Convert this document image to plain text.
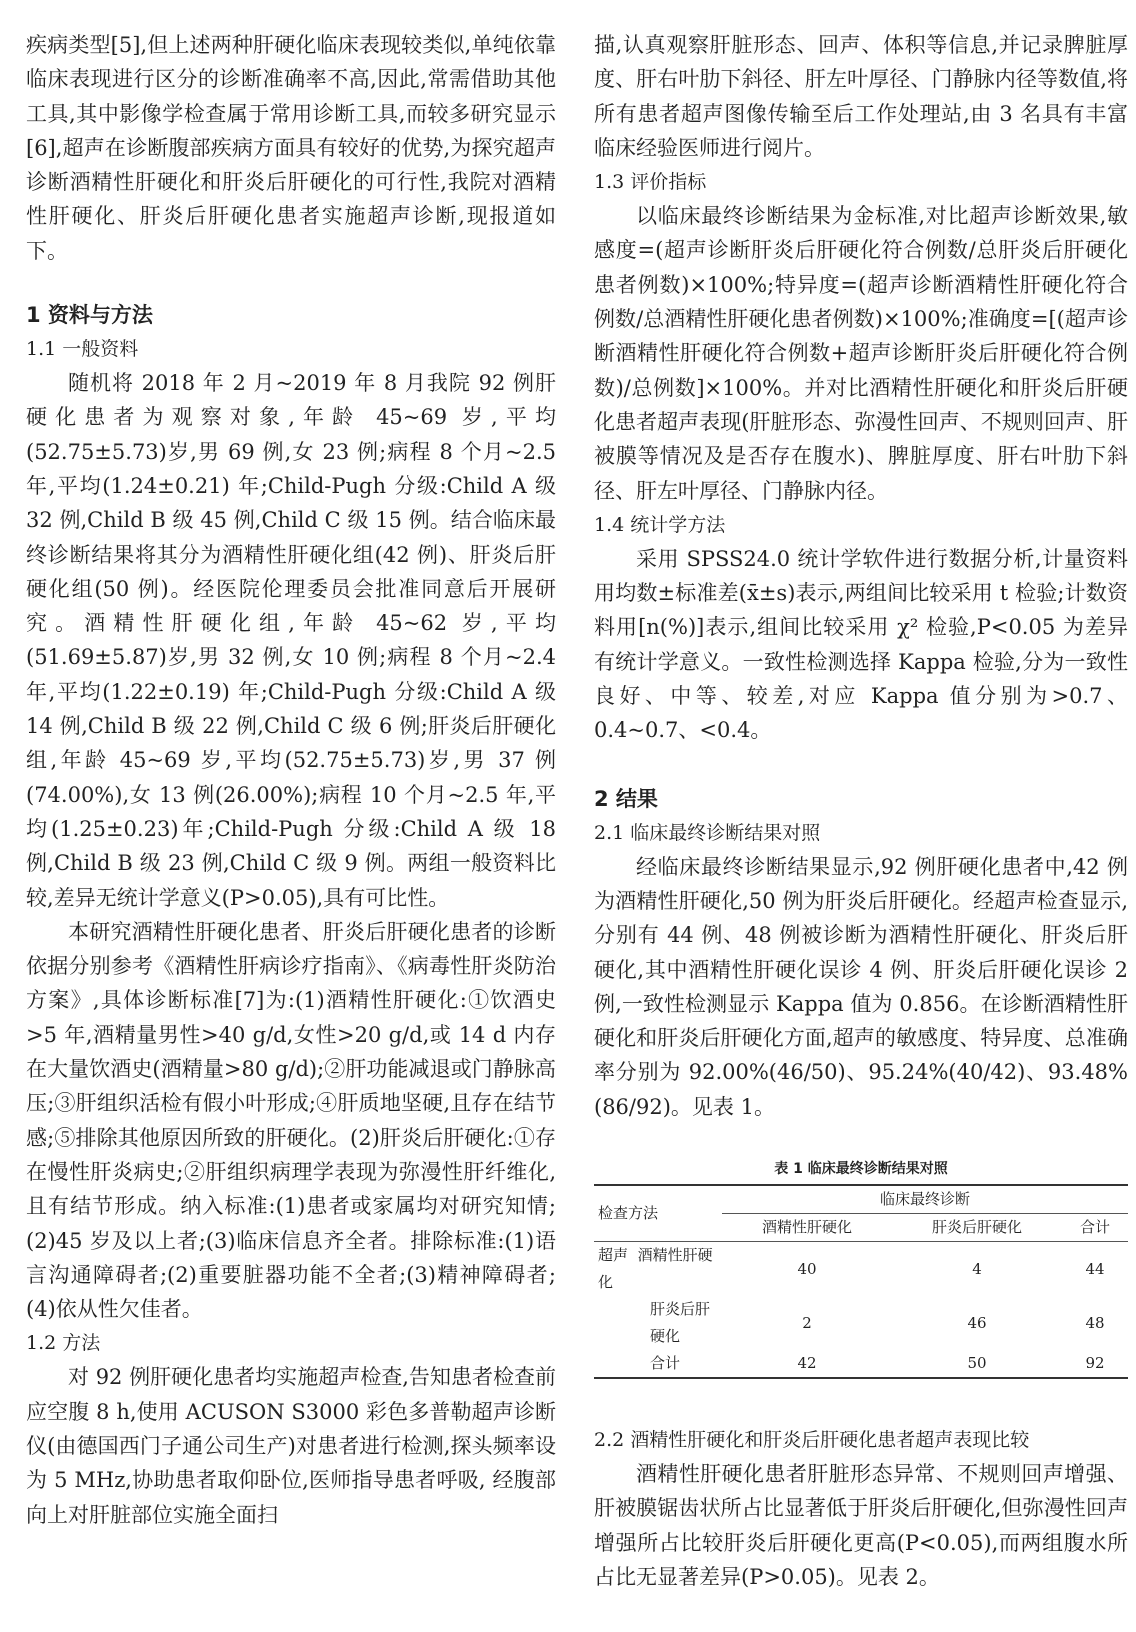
疾病类型[5],但上述两种肝硬化临床表现较类似,单纯依靠临床表现进行区分的诊断准确率不高,因此,常需借助其他工具,其中影像学检查属于常用诊断工具,而较多研究显示[6],超声在诊断腹部疾病方面具有较好的优势,为探究超声诊断酒精性肝硬化和肝炎后肝硬化的可行性,我院对酒精性肝硬化、肝炎后肝硬化患者实施超声诊断,现报道如下。

1 资料与方法
1.1 一般资料

随机将 2018 年 2 月~2019 年 8 月我院 92 例肝硬化患者为观察对象,年龄 45~69 岁,平均(52.75±5.73)岁,男 69 例,女 23 例;病程 8 个月~2.5 年,平均(1.24±0.21) 年;Child-Pugh 分级:Child A 级 32 例,Child B 级 45 例,Child C 级 15 例。结合临床最终诊断结果将其分为酒精性肝硬化组(42 例)、肝炎后肝硬化组(50 例)。经医院伦理委员会批准同意后开展研究。酒精性肝硬化组,年龄 45~62 岁,平均(51.69±5.87)岁,男 32 例,女 10 例;病程 8 个月~2.4 年,平均(1.22±0.19) 年;Child-Pugh 分级:Child A 级 14 例,Child B 级 22 例,Child C 级 6 例;肝炎后肝硬化组,年龄 45~69 岁,平均(52.75±5.73)岁,男 37 例(74.00%),女 13 例(26.00%);病程 10 个月~2.5 年,平均(1.25±0.23)年;Child-Pugh 分级:Child A 级 18 例,Child B 级 23 例,Child C 级 9 例。两组一般资料比较,差异无统计学意义(P>0.05),具有可比性。

本研究酒精性肝硬化患者、肝炎后肝硬化患者的诊断依据分别参考《酒精性肝病诊疗指南》、《病毒性肝炎防治方案》,具体诊断标准[7]为:(1)酒精性肝硬化:①饮酒史>5 年,酒精量男性>40 g/d,女性>20 g/d,或 14 d 内存在大量饮酒史(酒精量>80 g/d);②肝功能减退或门静脉高压;③肝组织活检有假小叶形成;④肝质地坚硬,且存在结节感;⑤排除其他原因所致的肝硬化。(2)肝炎后肝硬化:①存在慢性肝炎病史;②肝组织病理学表现为弥漫性肝纤维化,且有结节形成。纳入标准:(1)患者或家属均对研究知情;(2)45 岁及以上者;(3)临床信息齐全者。排除标准:(1)语言沟通障碍者;(2)重要脏器功能不全者;(3)精神障碍者;(4)依从性欠佳者。

1.2 方法

对 92 例肝硬化患者均实施超声检查,告知患者检查前应空腹 8 h,使用 ACUSON S3000 彩色多普勒超声诊断仪(由德国西门子通公司生产)对患者进行检测,探头频率设为 5 MHz,协助患者取仰卧位,医师指导患者呼吸, 经腹部向上对肝脏部位实施全面扫

描,认真观察肝脏形态、回声、体积等信息,并记录脾脏厚度、肝右叶肋下斜径、肝左叶厚径、门静脉内径等数值,将所有患者超声图像传输至后工作处理站,由 3 名具有丰富临床经验医师进行阅片。

1.3 评价指标

以临床最终诊断结果为金标准,对比超声诊断效果,敏感度=(超声诊断肝炎后肝硬化符合例数/总肝炎后肝硬化患者例数)×100%;特异度=(超声诊断酒精性肝硬化符合例数/总酒精性肝硬化患者例数)×100%;准确度=[(超声诊断酒精性肝硬化符合例数+超声诊断肝炎后肝硬化符合例数)/总例数]×100%。并对比酒精性肝硬化和肝炎后肝硬化患者超声表现(肝脏形态、弥漫性回声、不规则回声、肝被膜等情况及是否存在腹水)、脾脏厚度、肝右叶肋下斜径、肝左叶厚径、门静脉内径。

1.4 统计学方法

采用 SPSS24.0 统计学软件进行数据分析,计量资料用均数±标准差(x̄±s)表示,两组间比较采用 t 检验;计数资料用[n(%)]表示,组间比较采用 χ² 检验,P<0.05 为差异有统计学意义。一致性检测选择 Kappa 检验,分为一致性良好、中等、较差,对应 Kappa 值分别为>0.7、0.4~0.7、<0.4。

2 结果
2.1 临床最终诊断结果对照

经临床最终诊断结果显示,92 例肝硬化患者中,42 例为酒精性肝硬化,50 例为肝炎后肝硬化。经超声检查显示,分别有 44 例、48 例被诊断为酒精性肝硬化、肝炎后肝硬化,其中酒精性肝硬化误诊 4 例、肝炎后肝硬化误诊 2 例,一致性检测显示 Kappa 值为 0.856。在诊断酒精性肝硬化和肝炎后肝硬化方面,超声的敏感度、特异度、总准确率分别为 92.00%(46/50)、95.24%(40/42)、93.48%(86/92)。见表 1。

表 1 临床最终诊断结果对照
检查方法	临床最终诊断		
	酒精性肝硬化	肝炎后肝硬化	合计
超声 酒精性肝硬化	40	4	44
肝炎后肝硬化	2	46	48
合计	42	50	92
2.2 酒精性肝硬化和肝炎后肝硬化患者超声表现比较

酒精性肝硬化患者肝脏形态异常、不规则回声增强、肝被膜锯齿状所占比显著低于肝炎后肝硬化,但弥漫性回声增强所占比较肝炎后肝硬化更高(P<0.05),而两组腹水所占比无显著差异(P>0.05)。见表 2。
